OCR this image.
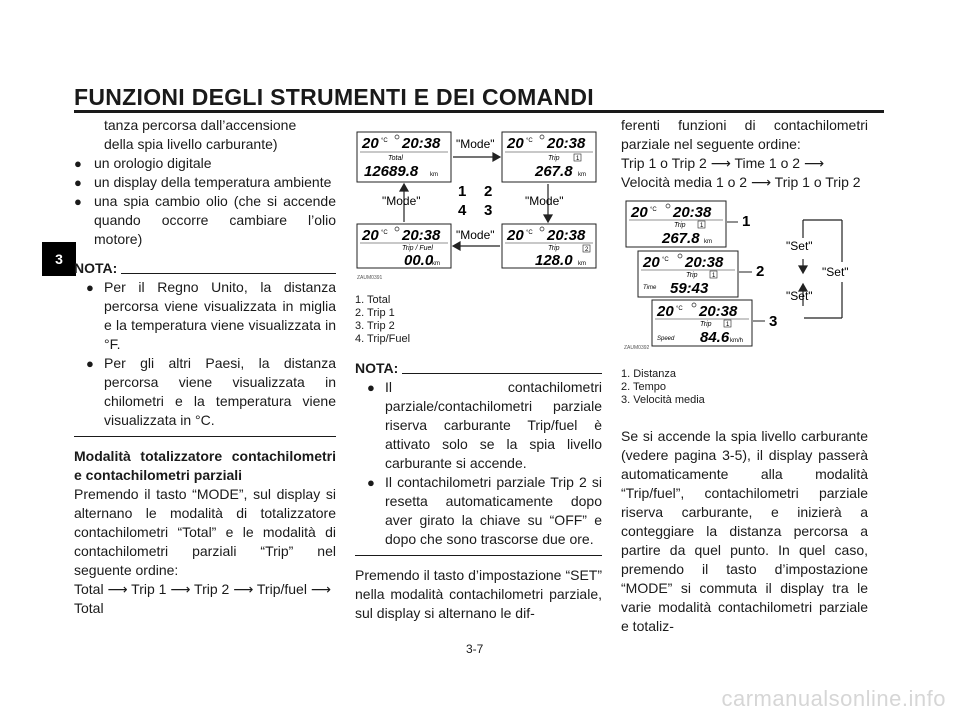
FUNZIONI DEGLI STRUMENTI E DEI COMANDI
3

tanza percorsa dall’accensione

della spia livello carburante)

● un orologio digitale
● un display della temperatura ambiente
● una spia cambio olio (che si accende quando occorre cambiare l’olio motore)
NOTA:
● Per il Regno Unito, la distanza percorsa viene visualizzata in miglia e la temperatura viene visualizzata in °F.
● Per gli altri Paesi, la distanza percorsa viene visualizzata in chilometri e la temperatura viene visualizzata in °C.

Modalità totalizzatore contachilometri e contachilometri parziali

Premendo il tasto “MODE”, sul display si alternano le modalità di totalizzatore contachilometri “Total” e le modalità di contachilometri parziali “Trip” nel seguente ordine:

Total ⟶ Trip 1 ⟶ Trip 2 ⟶ Trip/fuel ⟶ Total

20 °C 20:38
Total
12689.8 km
20 °C 20:38
Trip	1
267.8 km
20 °C 20:38
Trip / Fuel
00.0
km
20 °C 20:38
Trip	2
128.0 km
"Mode"
"Mode"
"Mode"
"Mode"
1 2
4 3
ZAUM0391

1. Total

2. Trip 1

3. Trip 2

4. Trip/Fuel

NOTA:
● Il contachilometri parziale/contachilometri parziale riserva carburante Trip/fuel è attivato solo se la spia livello carburante si accende.
● Il contachilometri parziale Trip 2 si resetta automaticamente dopo aver girato la chiave su “OFF” e dopo che sono trascorse due ore.

Premendo il tasto d’impostazione “SET” nella modalità contachilometri parziale, sul display si alternano le dif-

ferenti funzioni di contachilometri parziale nel seguente ordine:

Trip 1 o Trip 2 ⟶ Time 1 o 2 ⟶ Velocità media 1 o 2 ⟶ Trip 1 o Trip 2

20 °C 20:38
Trip 1
267.8 km
20 °C 20:38
Trip 1
Time 59:43
20 °C 20:38
Trip 1
Speed 84.6 km/h
1
2
3
"Set"
"Set"
"Set"
ZAUM0392

1. Distanza

2. Tempo

3. Velocità media

Se si accende la spia livello carburante (vedere pagina 3-5), il display passerà automaticamente alla modalità “Trip/fuel”, contachilometri parziale riserva carburante, e inizierà a conteggiare la distanza percorsa a partire da quel punto. In quel caso, premendo il tasto d’impostazione “MODE” si commuta il display tra le varie modalità contachilometri parziale e totaliz-

3-7
carmanualsonline.info
